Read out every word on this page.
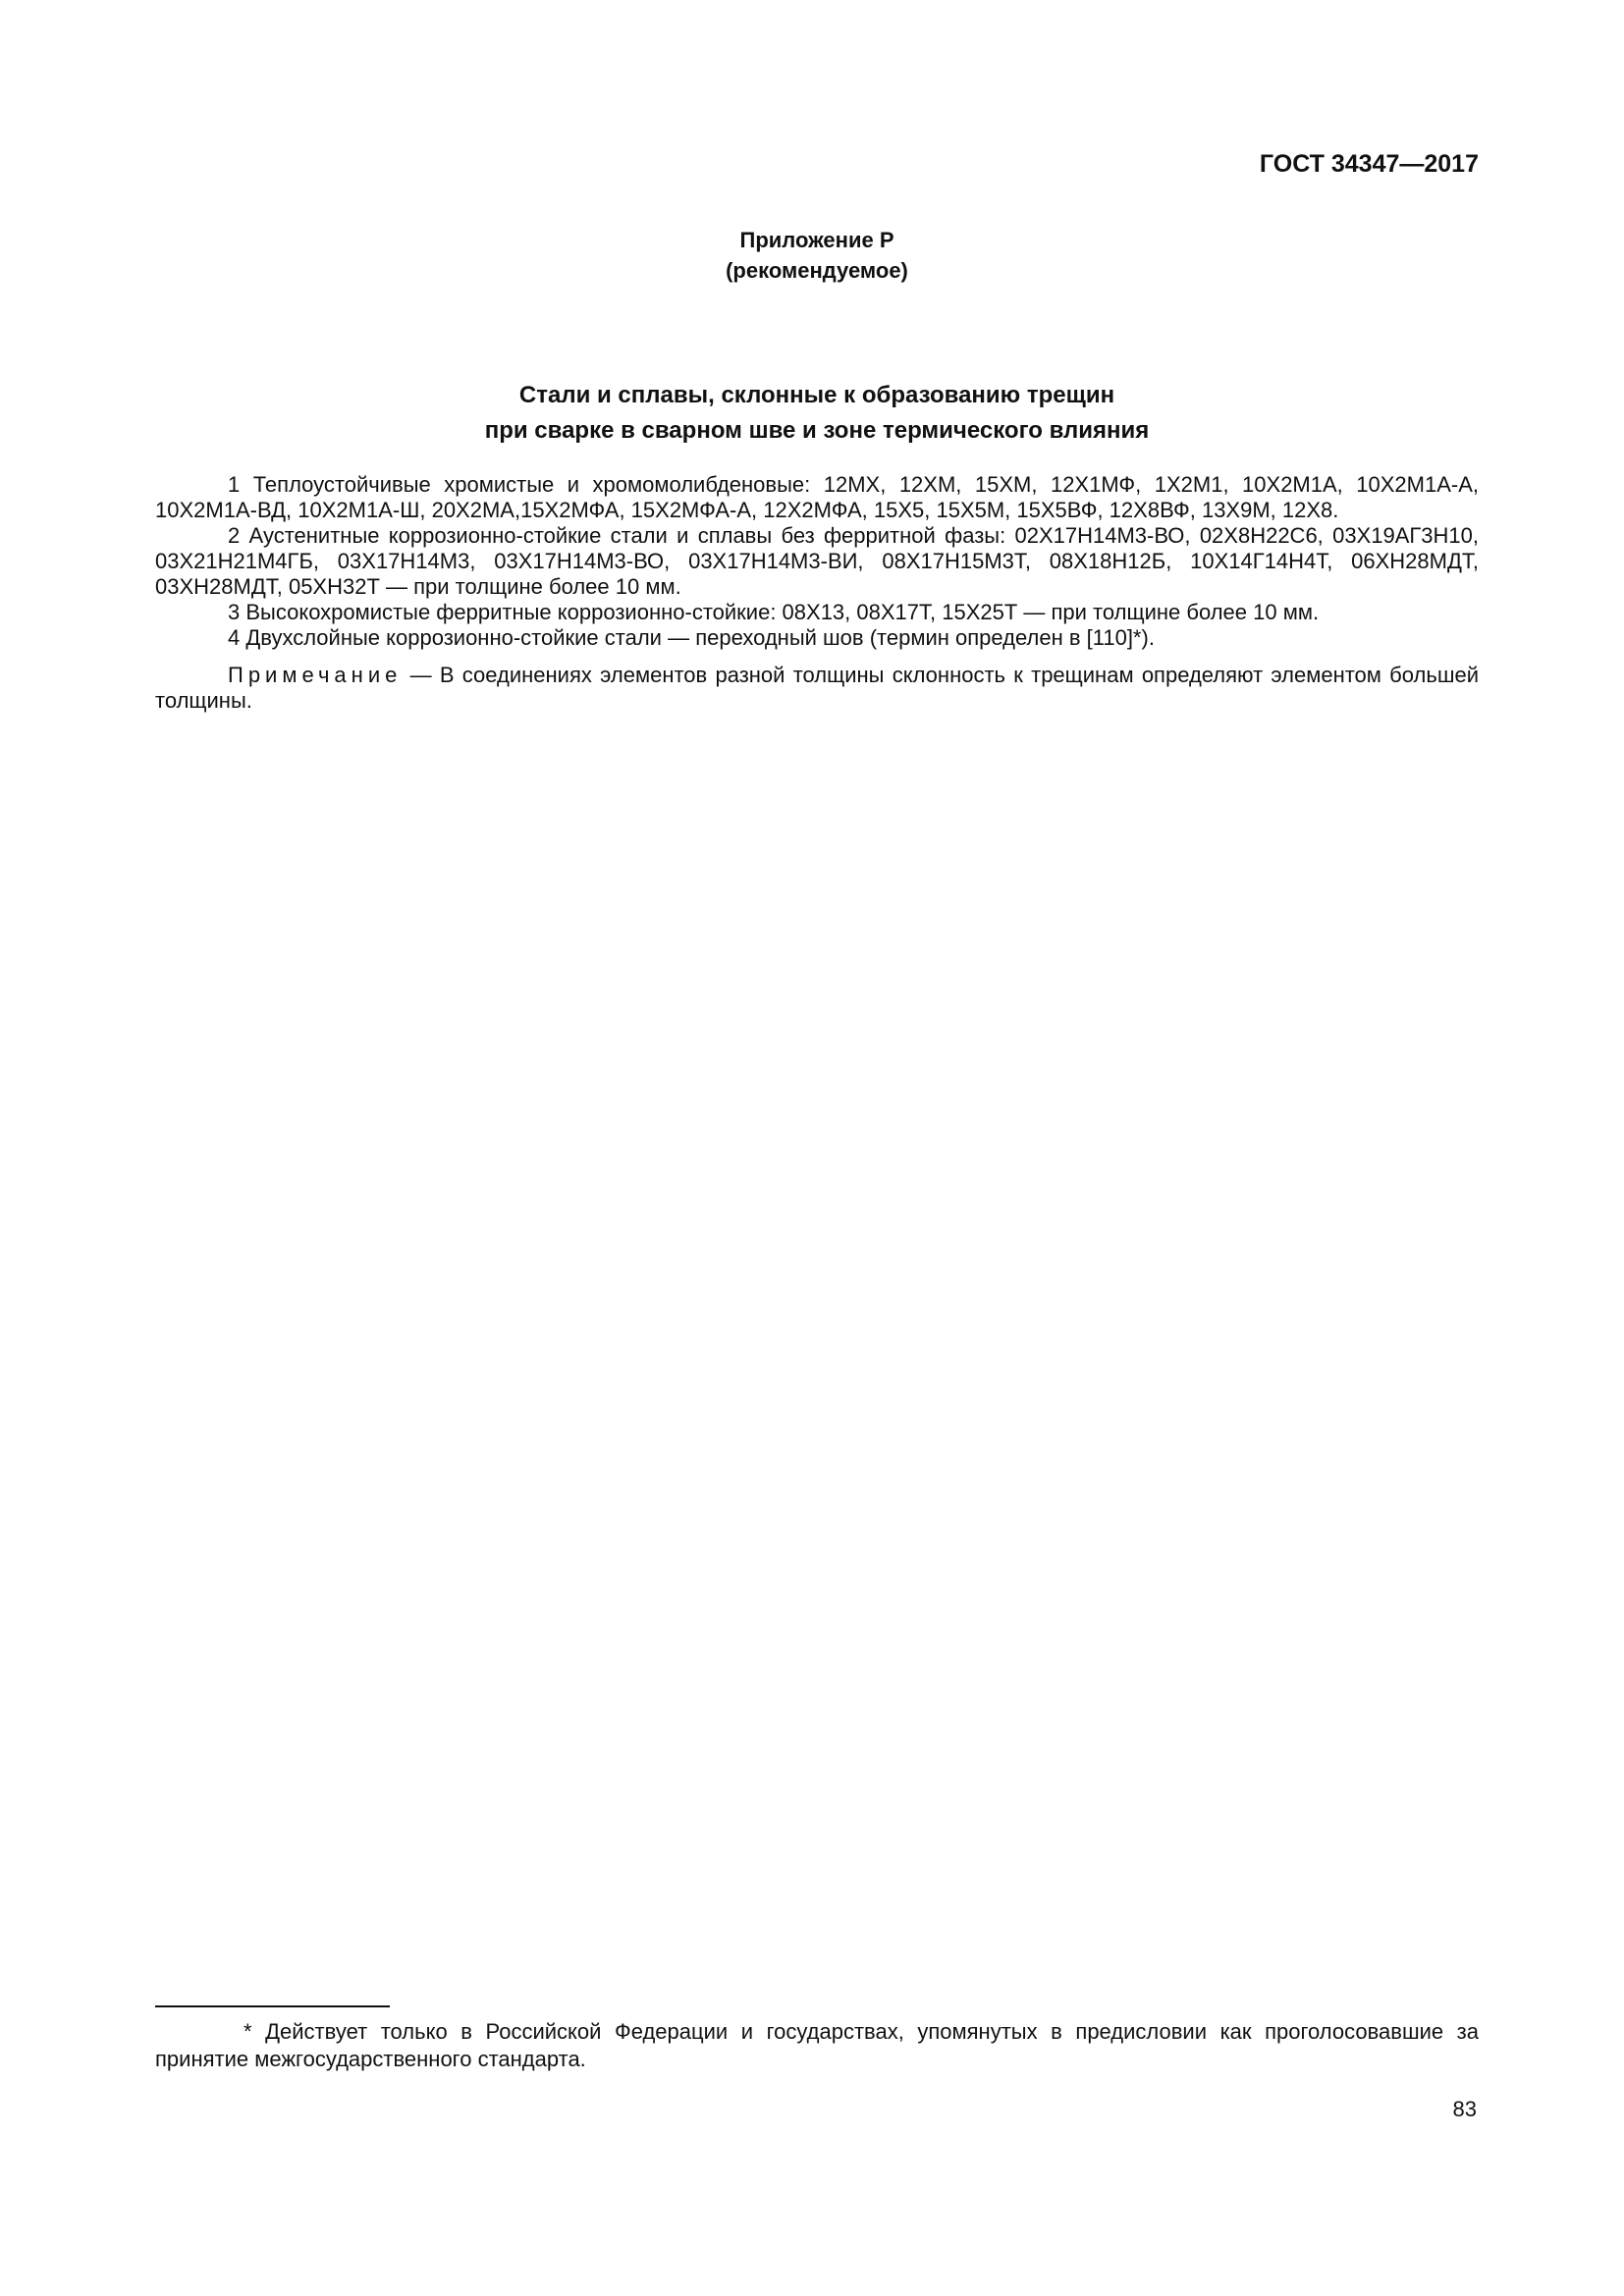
ГОСТ 34347—2017
Приложение Р
(рекомендуемое)
Стали и сплавы, склонные к образованию трещин
при сварке в сварном шве и зоне термического влияния

1 Теплоустойчивые хромистые и хромомолибденовые: 12МХ, 12ХМ, 15ХМ, 12Х1МФ, 1Х2М1, 10Х2М1А, 10Х2М1А-А, 10Х2М1А-ВД, 10Х2М1А-Ш, 20Х2МА,15Х2МФА, 15Х2МФА-А, 12Х2МФА, 15Х5, 15Х5М, 15Х5ВФ, 12Х8ВФ, 13Х9М, 12Х8.

2 Аустенитные коррозионно-стойкие стали и сплавы без ферритной фазы: 02Х17Н14М3-ВО, 02Х8Н22С6, 03Х19АГ3Н10, 03Х21Н21М4ГБ, 03Х17Н14М3, 03Х17Н14М3-ВО, 03Х17Н14М3-ВИ, 08Х17Н15М3Т, 08Х18Н12Б, 10Х14Г14Н4Т, 06ХН28МДТ, 03ХН28МДТ, 05ХН32Т — при толщине более 10 мм.

3 Высокохромистые ферритные коррозионно-стойкие: 08Х13, 08Х17Т, 15Х25Т — при толщине более 10 мм.

4 Двухслойные коррозионно-стойкие стали — переходный шов (термин определен в [110]*).

Примечание — В соединениях элементов разной толщины склонность к трещинам определяют элементом большей толщины.

* Действует только в Российской Федерации и государствах, упомянутых в предисловии как проголосовавшие за принятие межгосударственного стандарта.

83
